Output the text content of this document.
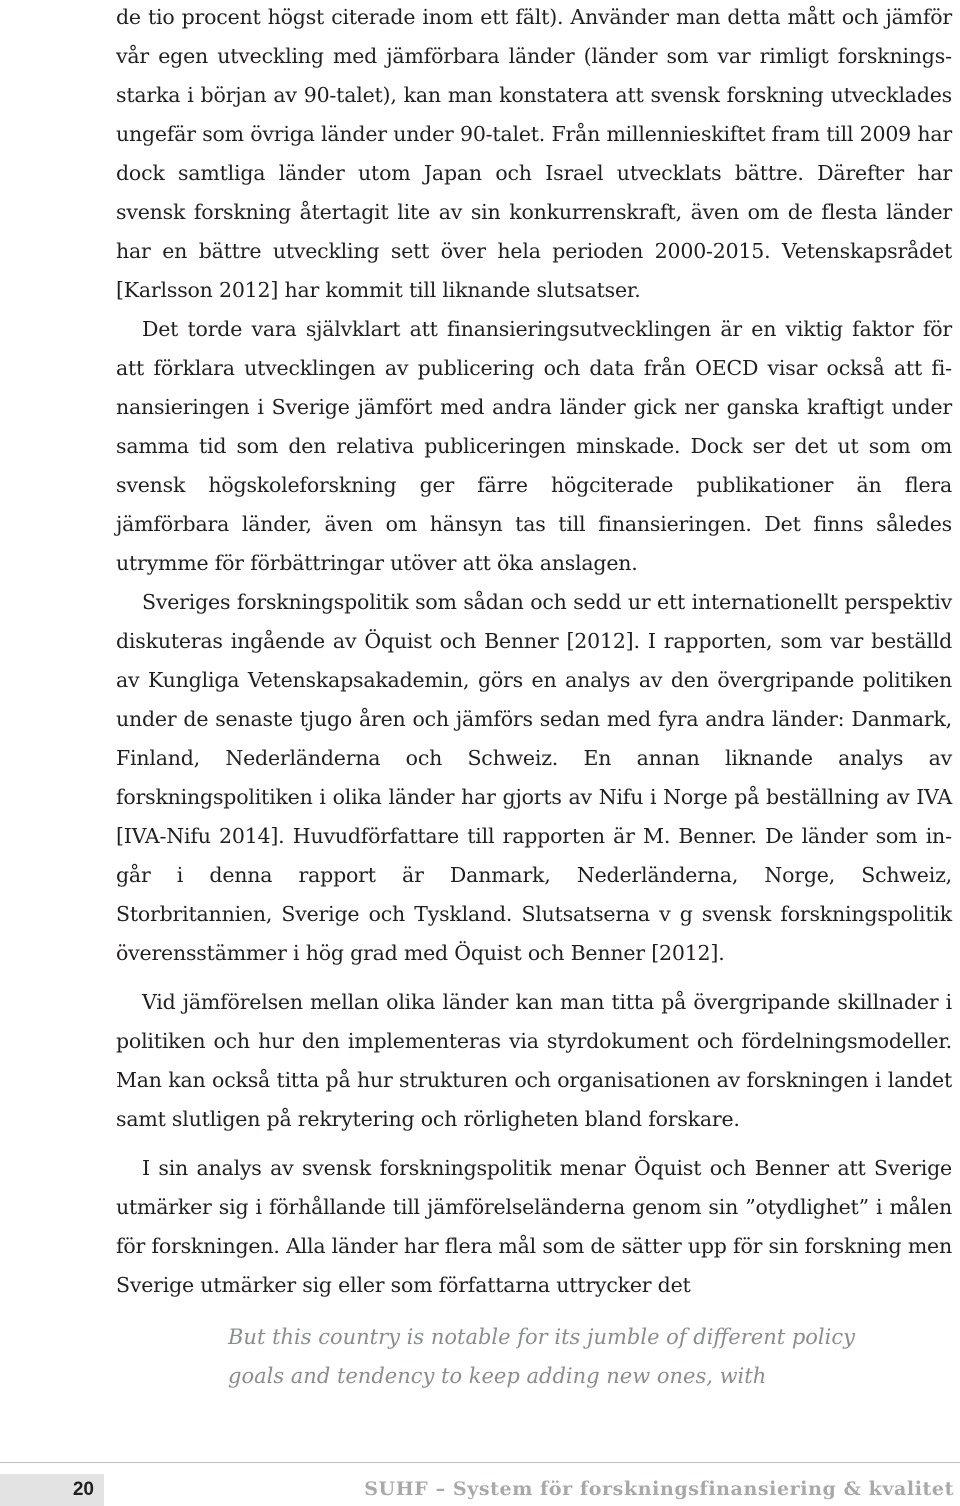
de tio procent högst citerade inom ett fält). Använder man detta mått och jämför vår egen utveckling med jämförbara länder (länder som var rimligt forskningsstarka i början av 90-talet), kan man konstatera att svensk forskning utvecklades ungefär som övriga länder under 90-talet. Från millennieskiftet fram till 2009 har dock samtliga länder utom Japan och Israel utvecklats bättre. Därefter har svensk forskning återtagit lite av sin konkurrenskraft, även om de flesta länder har en bättre utveckling sett över hela perioden 2000-2015. Vetenskapsrådet [Karlsson 2012] har kommit till liknande slutsatser.

Det torde vara självklart att finansieringsutvecklingen är en viktig faktor för att förklara utvecklingen av publicering och data från OECD visar också att finansieringen i Sverige jämfört med andra länder gick ner ganska kraftigt under samma tid som den relativa publiceringen minskade. Dock ser det ut som om svensk högskoleforskning ger färre högciterade publikationer än flera jämförbara länder, även om hänsyn tas till finansieringen. Det finns således utrymme för förbättringar utöver att öka anslagen.

Sveriges forskningspolitik som sådan och sedd ur ett internationellt perspektiv diskuteras ingående av Öquist och Benner [2012]. I rapporten, som var beställd av Kungliga Vetenskapsakademin, görs en analys av den övergripande politiken under de senaste tjugo åren och jämförs sedan med fyra andra länder: Danmark, Finland, Nederländerna och Schweiz. En annan liknande analys av forskningspolitiken i olika länder har gjorts av Nifu i Norge på beställning av IVA [IVA-Nifu 2014]. Huvudförfattare till rapporten är M. Benner. De länder som ingår i denna rapport är Danmark, Nederländerna, Norge, Schweiz, Storbritannien, Sverige och Tyskland. Slutsatserna v g svensk forskningspolitik överensstämmer i hög grad med Öquist och Benner [2012].

Vid jämförelsen mellan olika länder kan man titta på övergripande skillnader i politiken och hur den implementeras via styrdokument och fördelningsmodeller. Man kan också titta på hur strukturen och organisationen av forskningen i landet samt slutligen på rekrytering och rörligheten bland forskare.

I sin analys av svensk forskningspolitik menar Öquist och Benner att Sverige utmärker sig i förhållande till jämförelseländerna genom sin ”otydlighet” i målen för forskningen. Alla länder har flera mål som de sätter upp för sin forskning men Sverige utmärker sig eller som författarna uttrycker det

But this country is notable for its jumble of different policy goals and tendency to keep adding new ones, with
20	SUHF – System för forskningsfinansiering & kvalitet
